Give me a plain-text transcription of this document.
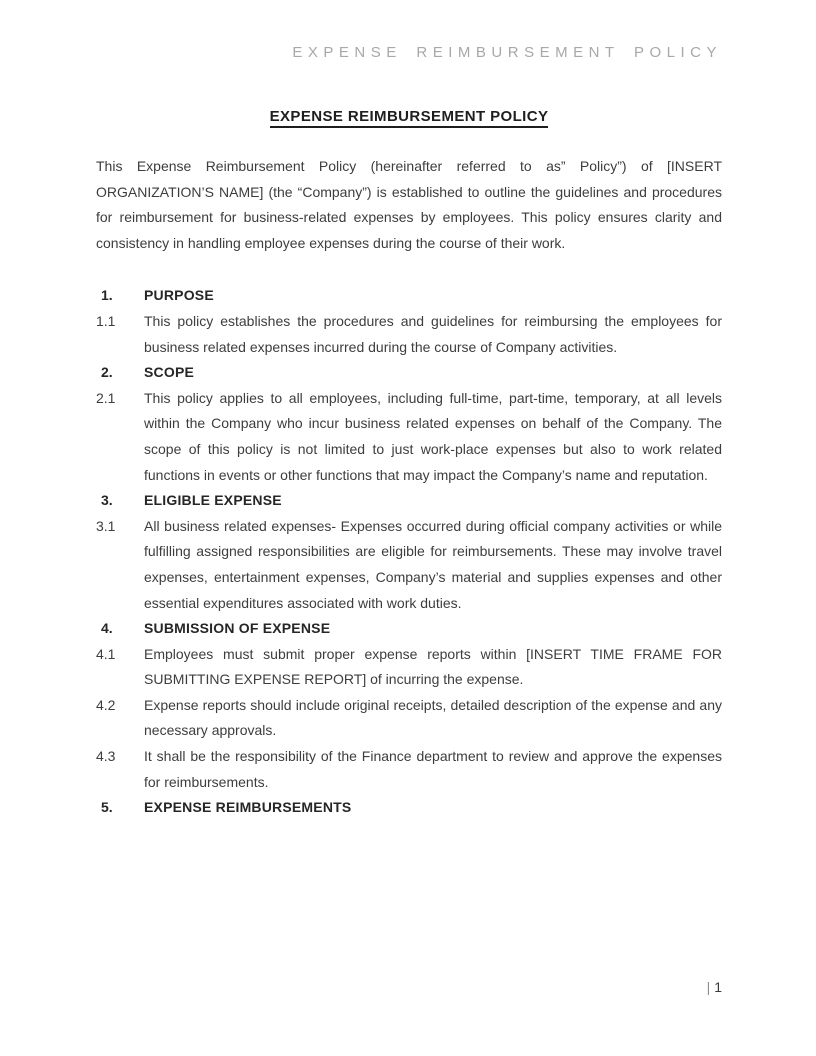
EXPENSE REIMBURSEMENT POLICY
EXPENSE REIMBURSEMENT POLICY

This Expense Reimbursement Policy (hereinafter referred to as” Policy”) of [INSERT ORGANIZATION’S NAME] (the “Company”) is established to outline the guidelines and procedures for reimbursement for business-related expenses by employees. This policy ensures clarity and consistency in handling employee expenses during the course of their work.

1.	PURPOSE
1.1	This policy establishes the procedures and guidelines for reimbursing the employees for business related expenses incurred during the course of Company activities.
2.	SCOPE
2.1	This policy applies to all employees, including full-time, part-time, temporary, at all levels within the Company who incur business related expenses on behalf of the Company. The scope of this policy is not limited to just work-place expenses but also to work related functions in events or other functions that may impact the Company’s name and reputation.
3.	ELIGIBLE EXPENSE
3.1	All business related expenses- Expenses occurred during official company activities or while fulfilling assigned responsibilities are eligible for reimbursements. These may involve travel expenses, entertainment expenses, Company’s material and supplies expenses and other essential expenditures associated with work duties.
4.	SUBMISSION OF EXPENSE
4.1	Employees must submit proper expense reports within [INSERT TIME FRAME FOR SUBMITTING EXPENSE REPORT] of incurring the expense.
4.2	Expense reports should include original receipts, detailed description of the expense and any necessary approvals.
4.3	It shall be the responsibility of the Finance department to review and approve the expenses for reimbursements.
5.	EXPENSE REIMBURSEMENTS
| 1
